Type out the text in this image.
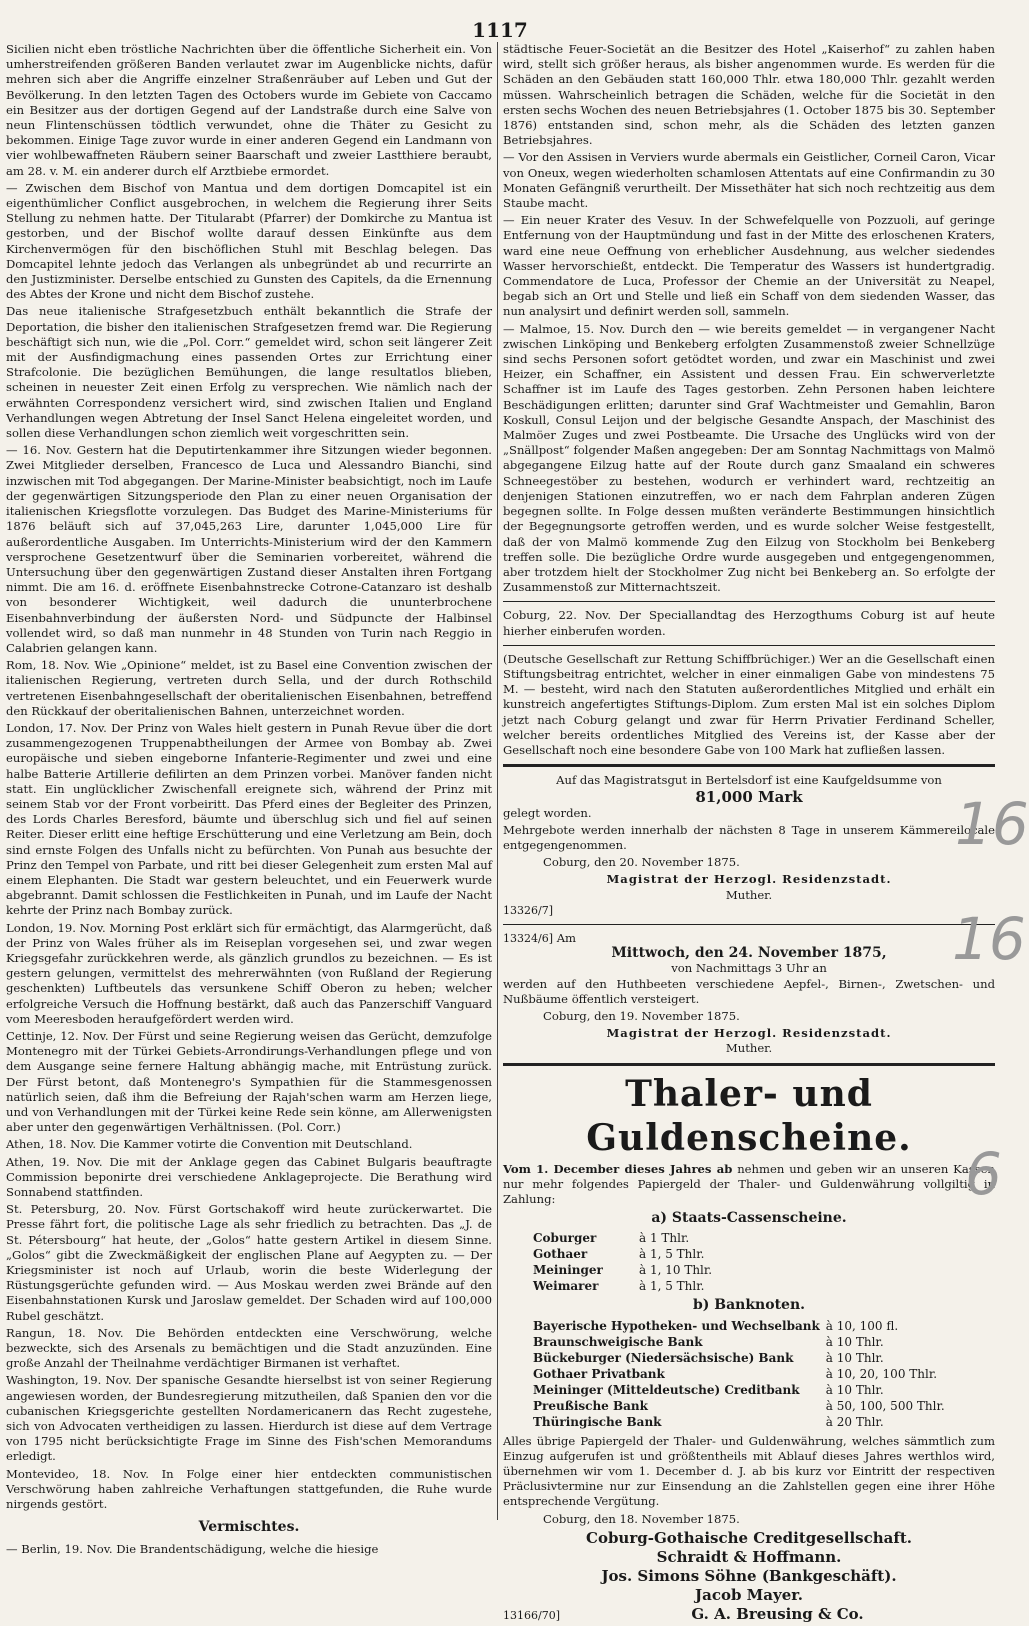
1117

Sicilien nicht eben tröstliche Nachrichten über die öffentliche Sicherheit ein. Von umherstreifenden größeren Banden verlautet zwar im Augenblicke nichts, dafür mehren sich aber die Angriffe einzelner Straßenräuber auf Leben und Gut der Bevölkerung. In den letzten Tagen des Octobers wurde im Gebiete von Caccamo ein Besitzer aus der dortigen Gegend auf der Landstraße durch eine Salve von neun Flintenschüssen tödtlich verwundet, ohne die Thäter zu Gesicht zu bekommen. Einige Tage zuvor wurde in einer anderen Gegend ein Landmann von vier wohlbewaffneten Räubern seiner Baarschaft und zweier Lastthiere beraubt, am 28. v. M. ein anderer durch elf Arztbiebe ermordet.

— Zwischen dem Bischof von Mantua und dem dortigen Domcapitel ist ein eigenthümlicher Conflict ausgebrochen, in welchem die Regierung ihrer Seits Stellung zu nehmen hatte. Der Titularabt (Pfarrer) der Domkirche zu Mantua ist gestorben, und der Bischof wollte darauf dessen Einkünfte aus dem Kirchenvermögen für den bischöflichen Stuhl mit Beschlag belegen. Das Domcapitel lehnte jedoch das Verlangen als unbegründet ab und recurrirte an den Justizminister. Derselbe entschied zu Gunsten des Capitels, da die Ernennung des Abtes der Krone und nicht dem Bischof zustehe.

Das neue italienische Strafgesetzbuch enthält bekanntlich die Strafe der Deportation, die bisher den italienischen Strafgesetzen fremd war. Die Regierung beschäftigt sich nun, wie die „Pol. Corr.“ gemeldet wird, schon seit längerer Zeit mit der Ausfindigmachung eines passenden Ortes zur Errichtung einer Strafcolonie. Die bezüglichen Bemühungen, die lange resultatlos blieben, scheinen in neuester Zeit einen Erfolg zu versprechen. Wie nämlich nach der erwähnten Correspondenz versichert wird, sind zwischen Italien und England Verhandlungen wegen Abtretung der Insel Sanct Helena eingeleitet worden, und sollen diese Verhandlungen schon ziemlich weit vorgeschritten sein.

— 16. Nov. Gestern hat die Deputirtenkammer ihre Sitzungen wieder begonnen. Zwei Mitglieder derselben, Francesco de Luca und Alessandro Bianchi, sind inzwischen mit Tod abgegangen. Der Marine-Minister beabsichtigt, noch im Laufe der gegenwärtigen Sitzungsperiode den Plan zu einer neuen Organisation der italienischen Kriegsflotte vorzulegen. Das Budget des Marine-Ministeriums für 1876 beläuft sich auf 37,045,263 Lire, darunter 1,045,000 Lire für außerordentliche Ausgaben. Im Unterrichts-Ministerium wird der den Kammern versprochene Gesetzentwurf über die Seminarien vorbereitet, während die Untersuchung über den gegenwärtigen Zustand dieser Anstalten ihren Fortgang nimmt. Die am 16. d. eröffnete Eisenbahnstrecke Cotrone-Catanzaro ist deshalb von besonderer Wichtigkeit, weil dadurch die ununterbrochene Eisenbahnverbindung der äußersten Nord- und Südpuncte der Halbinsel vollendet wird, so daß man nunmehr in 48 Stunden von Turin nach Reggio in Calabrien gelangen kann.

Rom, 18. Nov. Wie „Opinione“ meldet, ist zu Basel eine Convention zwischen der italienischen Regierung, vertreten durch Sella, und der durch Rothschild vertretenen Eisenbahngesellschaft der oberitalienischen Eisenbahnen, betreffend den Rückkauf der oberitalienischen Bahnen, unterzeichnet worden.

London, 17. Nov. Der Prinz von Wales hielt gestern in Punah Revue über die dort zusammengezogenen Truppenabtheilungen der Armee von Bombay ab. Zwei europäische und sieben eingeborne Infanterie-Regimenter und zwei und eine halbe Batterie Artillerie defilirten an dem Prinzen vorbei. Manöver fanden nicht statt. Ein unglücklicher Zwischenfall ereignete sich, während der Prinz mit seinem Stab vor der Front vorbeiritt. Das Pferd eines der Begleiter des Prinzen, des Lords Charles Beresford, bäumte und überschlug sich und fiel auf seinen Reiter. Dieser erlitt eine heftige Erschütterung und eine Verletzung am Bein, doch sind ernste Folgen des Unfalls nicht zu befürchten. Von Punah aus besuchte der Prinz den Tempel von Parbate, und ritt bei dieser Gelegenheit zum ersten Mal auf einem Elephanten. Die Stadt war gestern beleuchtet, und ein Feuerwerk wurde abgebrannt. Damit schlossen die Festlichkeiten in Punah, und im Laufe der Nacht kehrte der Prinz nach Bombay zurück.

London, 19. Nov. Morning Post erklärt sich für ermächtigt, das Alarmgerücht, daß der Prinz von Wales früher als im Reiseplan vorgesehen sei, und zwar wegen Kriegsgefahr zurückkehren werde, als gänzlich grundlos zu bezeichnen. — Es ist gestern gelungen, vermittelst des mehrerwähnten (von Rußland der Regierung geschenkten) Luftbeutels das versunkene Schiff Oberon zu heben; welcher erfolgreiche Versuch die Hoffnung bestärkt, daß auch das Panzerschiff Vanguard vom Meeresboden heraufgefördert werden wird.

Cettinje, 12. Nov. Der Fürst und seine Regierung weisen das Gerücht, demzufolge Montenegro mit der Türkei Gebiets-Arrondirungs-Verhandlungen pflege und von dem Ausgange seine fernere Haltung abhängig mache, mit Entrüstung zurück. Der Fürst betont, daß Montenegro's Sympathien für die Stammesgenossen natürlich seien, daß ihm die Befreiung der Rajah'schen warm am Herzen liege, und von Verhandlungen mit der Türkei keine Rede sein könne, am Allerwenigsten aber unter den gegenwärtigen Verhältnissen. (Pol. Corr.)

Athen, 18. Nov. Die Kammer votirte die Convention mit Deutschland.

Athen, 19. Nov. Die mit der Anklage gegen das Cabinet Bulgaris beauftragte Commission beponirte drei verschiedene Anklageprojecte. Die Berathung wird Sonnabend stattfinden.

St. Petersburg, 20. Nov. Fürst Gortschakoff wird heute zurückerwartet. Die Presse fährt fort, die politische Lage als sehr friedlich zu betrachten. Das „J. de St. Pétersbourg“ hat heute, der „Golos“ hatte gestern Artikel in diesem Sinne. „Golos“ gibt die Zweckmäßigkeit der englischen Plane auf Aegypten zu. — Der Kriegsminister ist noch auf Urlaub, worin die beste Widerlegung der Rüstungsgerüchte gefunden wird. — Aus Moskau werden zwei Brände auf den Eisenbahnstationen Kursk und Jaroslaw gemeldet. Der Schaden wird auf 100,000 Rubel geschätzt.

Rangun, 18. Nov. Die Behörden entdeckten eine Verschwörung, welche bezweckte, sich des Arsenals zu bemächtigen und die Stadt anzuzünden. Eine große Anzahl der Theilnahme verdächtiger Birmanen ist verhaftet.

Washington, 19. Nov. Der spanische Gesandte hierselbst ist von seiner Regierung angewiesen worden, der Bundesregierung mitzutheilen, daß Spanien den vor die cubanischen Kriegsgerichte gestellten Nordamericanern das Recht zugestehe, sich von Advocaten vertheidigen zu lassen. Hierdurch ist diese auf dem Vertrage von 1795 nicht berücksichtigte Frage im Sinne des Fish'schen Memorandums erledigt.

Montevideo, 18. Nov. In Folge einer hier entdeckten communistischen Verschwörung haben zahlreiche Verhaftungen stattgefunden, die Ruhe wurde nirgends gestört.

Vermischtes.

— Berlin, 19. Nov. Die Brandentschädigung, welche die hiesige

städtische Feuer-Societät an die Besitzer des Hotel „Kaiserhof“ zu zahlen haben wird, stellt sich größer heraus, als bisher angenommen wurde. Es werden für die Schäden an den Gebäuden statt 160,000 Thlr. etwa 180,000 Thlr. gezahlt werden müssen. Wahrscheinlich betragen die Schäden, welche für die Societät in den ersten sechs Wochen des neuen Betriebsjahres (1. October 1875 bis 30. September 1876) entstanden sind, schon mehr, als die Schäden des letzten ganzen Betriebsjahres.

— Vor den Assisen in Verviers wurde abermals ein Geistlicher, Corneil Caron, Vicar von Oneux, wegen wiederholten schamlosen Attentats auf eine Confirmandin zu 30 Monaten Gefängniß verurtheilt. Der Missethäter hat sich noch rechtzeitig aus dem Staube macht.

— Ein neuer Krater des Vesuv. In der Schwefelquelle von Pozzuoli, auf geringe Entfernung von der Hauptmündung und fast in der Mitte des erloschenen Kraters, ward eine neue Oeffnung von erheblicher Ausdehnung, aus welcher siedendes Wasser hervorschießt, entdeckt. Die Temperatur des Wassers ist hundertgradig. Commendatore de Luca, Professor der Chemie an der Universität zu Neapel, begab sich an Ort und Stelle und ließ ein Schaff von dem siedenden Wasser, das nun analysirt und definirt werden soll, sammeln.

— Malmoe, 15. Nov. Durch den — wie bereits gemeldet — in vergangener Nacht zwischen Linköping und Benkeberg erfolgten Zusammenstoß zweier Schnellzüge sind sechs Personen sofort getödtet worden, und zwar ein Maschinist und zwei Heizer, ein Schaffner, ein Assistent und dessen Frau. Ein schwerverletzte Schaffner ist im Laufe des Tages gestorben. Zehn Personen haben leichtere Beschädigungen erlitten; darunter sind Graf Wachtmeister und Gemahlin, Baron Koskull, Consul Leijon und der belgische Gesandte Anspach, der Maschinist des Malmöer Zuges und zwei Postbeamte. Die Ursache des Unglücks wird von der „Snällpost“ folgender Maßen angegeben: Der am Sonntag Nachmittags von Malmö abgegangene Eilzug hatte auf der Route durch ganz Smaaland ein schweres Schneegestöber zu bestehen, wodurch er verhindert ward, rechtzeitig an denjenigen Stationen einzutreffen, wo er nach dem Fahrplan anderen Zügen begegnen sollte. In Folge dessen mußten veränderte Bestimmungen hinsichtlich der Begegnungsorte getroffen werden, und es wurde solcher Weise festgestellt, daß der von Malmö kommende Zug den Eilzug von Stockholm bei Benkeberg treffen solle. Die bezügliche Ordre wurde ausgegeben und entgegengenommen, aber trotzdem hielt der Stockholmer Zug nicht bei Benkeberg an. So erfolgte der Zusammenstoß zur Mitternachtszeit.

Coburg, 22. Nov. Der Speciallandtag des Herzogthums Coburg ist auf heute hierher einberufen worden.

(Deutsche Gesellschaft zur Rettung Schiffbrüchiger.) Wer an die Gesellschaft einen Stiftungsbeitrag entrichtet, welcher in einer einmaligen Gabe von mindestens 75 M. — besteht, wird nach den Statuten außerordentliches Mitglied und erhält ein kunstreich angefertigtes Stiftungs-Diplom. Zum ersten Mal ist ein solches Diplom jetzt nach Coburg gelangt und zwar für Herrn Privatier Ferdinand Scheller, welcher bereits ordentliches Mitglied des Vereins ist, der Kasse aber der Gesellschaft noch eine besondere Gabe von 100 Mark hat zufließen lassen.

Auf das Magistratsgut in Bertelsdorf ist eine Kaufgeldsumme von

81,000 Mark

gelegt worden.

Mehrgebote werden innerhalb der nächsten 8 Tage in unserem Kämmereilocale entgegengenommen.

Coburg, den 20. November 1875.

Magistrat der Herzogl. Residenzstadt.
Muther.
13326/7]
13324/6] Am
Mittwoch, den 24. November 1875,
von Nachmittags 3 Uhr an

werden auf den Huthbeeten verschiedene Aepfel-, Birnen-, Zwetschen- und Nußbäume öffentlich versteigert.

Coburg, den 19. November 1875.

Magistrat der Herzogl. Residenzstadt.
Muther.
Thaler- und Guldenscheine.

Vom 1. December dieses Jahres ab nehmen und geben wir an unseren Kassen nur mehr folgendes Papiergeld der Thaler- und Guldenwährung vollgiltig in Zahlung:

a) Staats-Cassenscheine.
Coburger	à 1 Thlr.
Gothaer	à 1, 5 Thlr.
Meininger	à 1, 10 Thlr.
Weimarer	à 1, 5 Thlr.
b) Banknoten.
Bayerische Hypotheken- und Wechselbank	à 10, 100 fl.
Braunschweigische Bank	à 10 Thlr.
Bückeburger (Niedersächsische) Bank	à 10 Thlr.
Gothaer Privatbank	à 10, 20, 100 Thlr.
Meininger (Mitteldeutsche) Creditbank	à 10 Thlr.
Preußische Bank	à 50, 100, 500 Thlr.
Thüringische Bank	à 20 Thlr.

Alles übrige Papiergeld der Thaler- und Guldenwährung, welches sämmtlich zum Einzug aufgerufen ist und größtentheils mit Ablauf dieses Jahres werthlos wird, übernehmen wir vom 1. December d. J. ab bis kurz vor Eintritt der respectiven Präclusivtermine nur zur Einsendung an die Zahlstellen gegen eine ihrer Höhe entsprechende Vergütung.

Coburg, den 18. November 1875.

Coburg-Gothaische Creditgesellschaft.
Schraidt & Hoffmann.
Jos. Simons Söhne (Bankgeschäft).
Jacob Mayer.
13166/70]	G. A. Breusing & Co.
16
16
6
